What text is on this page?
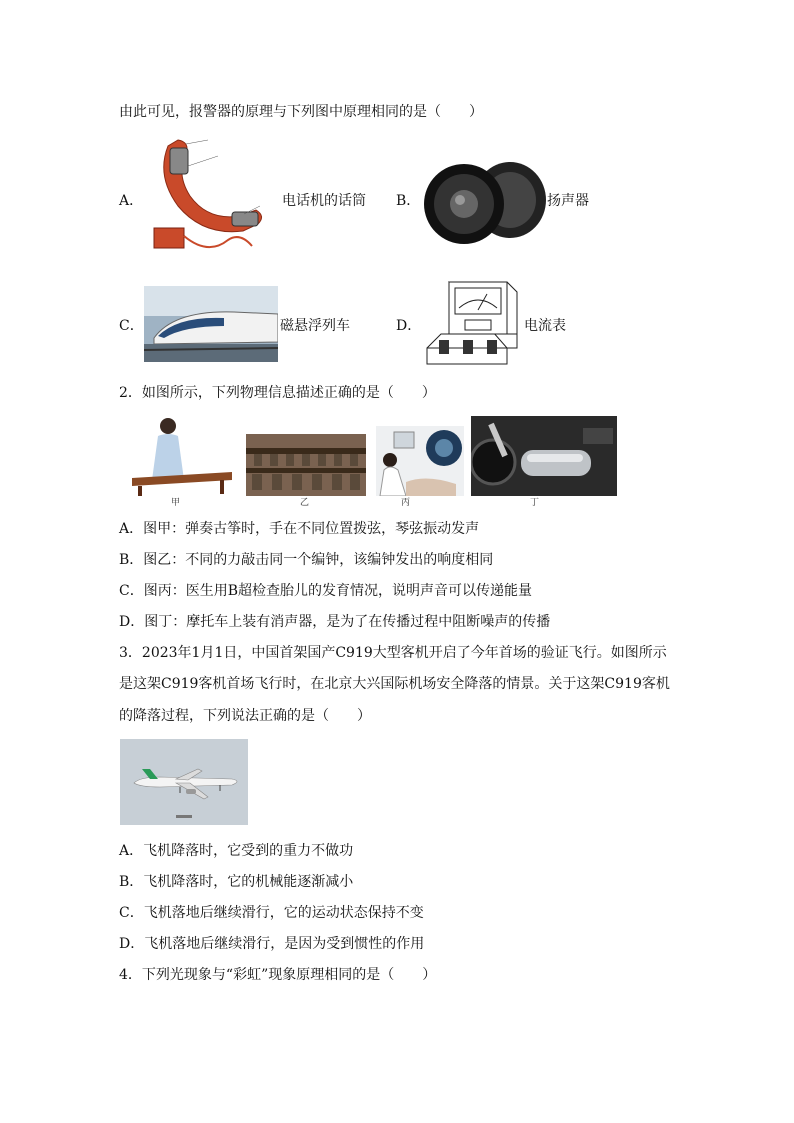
由此可见，报警器的原理与下列图中原理相同的是（　　）
A．	电话机的话筒 B．	扬声器
C．	磁悬浮列车	D．	电流表
2．如图所示，下列物理信息描述正确的是（　　）
甲	乙	丙	丁
A．图甲：弹奏古筝时，手在不同位置拨弦，琴弦振动发声
B．图乙：不同的力敲击同一个编钟，该编钟发出的响度相同
C．图丙：医生用B超检查胎儿的发育情况，说明声音可以传递能量
D．图丁：摩托车上装有消声器，是为了在传播过程中阻断噪声的传播
3．2023年1月1日，中国首架国产C919大型客机开启了今年首场的验证飞行。如图所示
是这架C919客机首场飞行时，在北京大兴国际机场安全降落的情景。关于这架C919客机
的降落过程，下列说法正确的是（　　）
A．飞机降落时，它受到的重力不做功
B．飞机降落时，它的机械能逐渐减小
C．飞机落地后继续滑行，它的运动状态保持不变
D．飞机落地后继续滑行，是因为受到惯性的作用
4．下列光现象与“彩虹”现象原理相同的是（　　）
